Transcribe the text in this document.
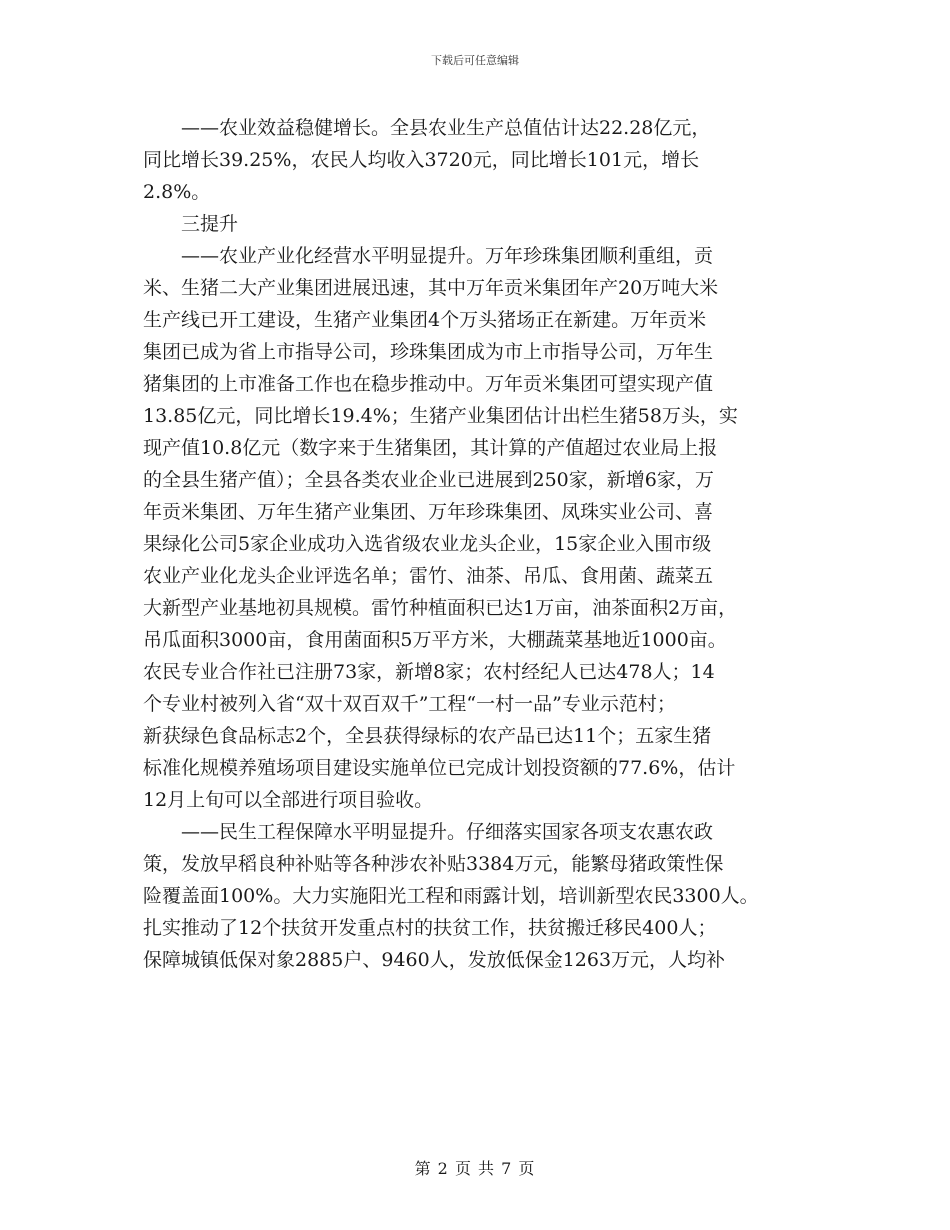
下载后可任意编辑
——农业效益稳健增长。全县农业生产总值估计达22.28亿元，
同比增长39.25%，农民人均收入3720元，同比增长101元，增长
2.8%。
三提升
——农业产业化经营水平明显提升。万年珍珠集团顺利重组，贡
米、生猪二大产业集团进展迅速，其中万年贡米集团年产20万吨大米
生产线已开工建设，生猪产业集团4个万头猪场正在新建。万年贡米
集团已成为省上市指导公司，珍珠集团成为市上市指导公司，万年生
猪集团的上市准备工作也在稳步推动中。万年贡米集团可望实现产值
13.85亿元，同比增长19.4%；生猪产业集团估计出栏生猪58万头，实
现产值10.8亿元（数字来于生猪集团，其计算的产值超过农业局上报
的全县生猪产值）；全县各类农业企业已进展到250家，新增6家，万
年贡米集团、万年生猪产业集团、万年珍珠集团、凤珠实业公司、喜
果绿化公司5家企业成功入选省级农业龙头企业，15家企业入围市级
农业产业化龙头企业评选名单；雷竹、油茶、吊瓜、食用菌、蔬菜五
大新型产业基地初具规模。雷竹种植面积已达1万亩，油茶面积2万亩，
吊瓜面积3000亩，食用菌面积5万平方米，大棚蔬菜基地近1000亩。
农民专业合作社已注册73家，新增8家；农村经纪人已达478人；14
个专业村被列入省“双十双百双千”工程“一村一品”专业示范村；
新获绿色食品标志2个，全县获得绿标的农产品已达11个；五家生猪
标准化规模养殖场项目建设实施单位已完成计划投资额的77.6%，估计
12月上旬可以全部进行项目验收。
——民生工程保障水平明显提升。仔细落实国家各项支农惠农政
策，发放早稻良种补贴等各种涉农补贴3384万元，能繁母猪政策性保
险覆盖面100%。大力实施阳光工程和雨露计划，培训新型农民3300人。
扎实推动了12个扶贫开发重点村的扶贫工作，扶贫搬迁移民400人；
保障城镇低保对象2885户、9460人，发放低保金1263万元，人均补
第 2 页 共 7 页
